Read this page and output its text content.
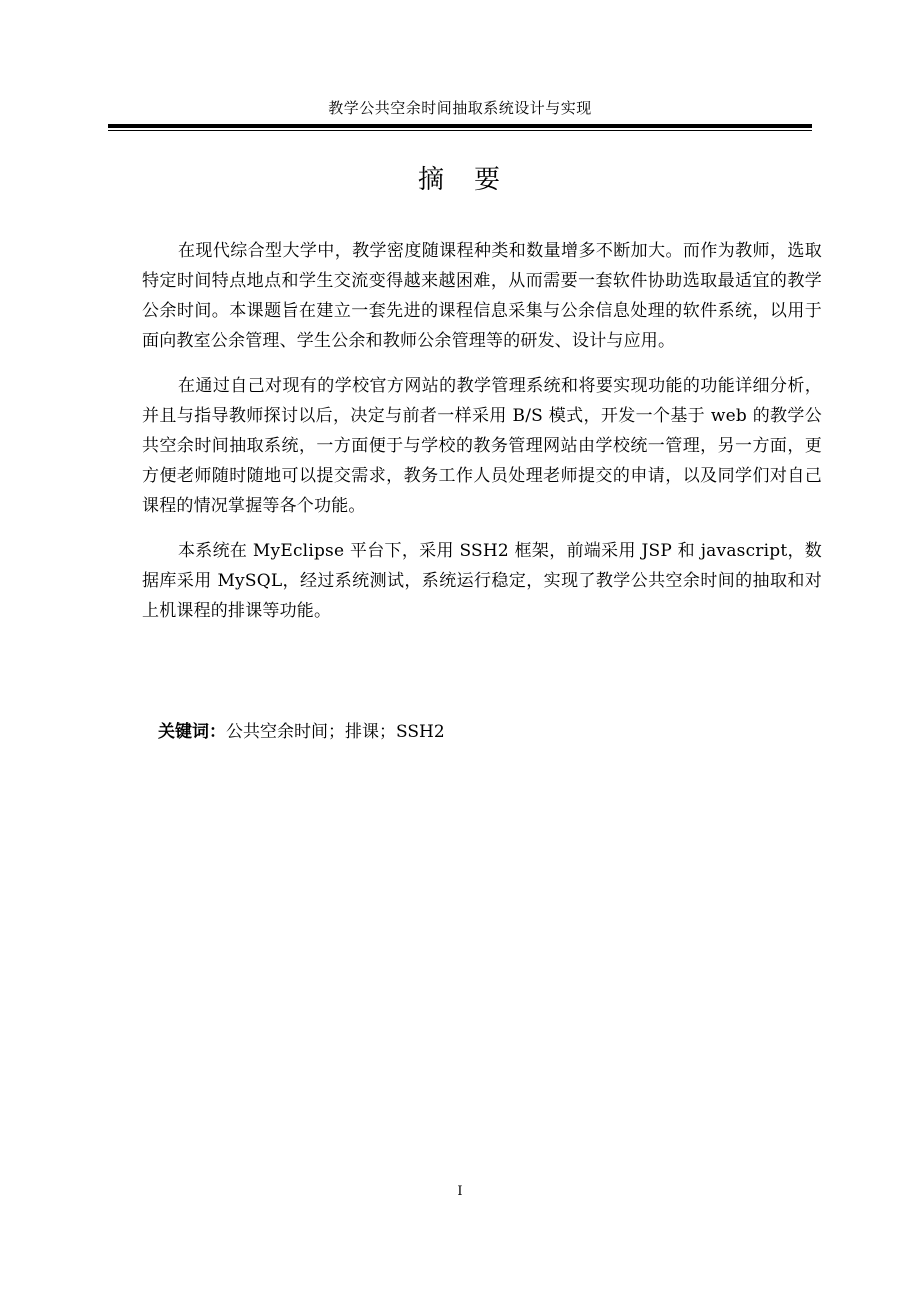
教学公共空余时间抽取系统设计与实现
摘　要

在现代综合型大学中，教学密度随课程种类和数量增多不断加大。而作为教师，选取特定时间特点地点和学生交流变得越来越困难，从而需要一套软件协助选取最适宜的教学公余时间。本课题旨在建立一套先进的课程信息采集与公余信息处理的软件系统，以用于面向教室公余管理、学生公余和教师公余管理等的研发、设计与应用。

在通过自己对现有的学校官方网站的教学管理系统和将要实现功能的功能详细分析，并且与指导教师探讨以后，决定与前者一样采用 B/S 模式，开发一个基于 web 的教学公共空余时间抽取系统，一方面便于与学校的教务管理网站由学校统一管理，另一方面，更方便老师随时随地可以提交需求，教务工作人员处理老师提交的申请，以及同学们对自己课程的情况掌握等各个功能。

本系统在 MyEclipse 平台下，采用 SSH2 框架，前端采用 JSP 和 javascript，数据库采用 MySQL，经过系统测试，系统运行稳定，实现了教学公共空余时间的抽取和对上机课程的排课等功能。

关键词：公共空余时间；排课；SSH2
I
